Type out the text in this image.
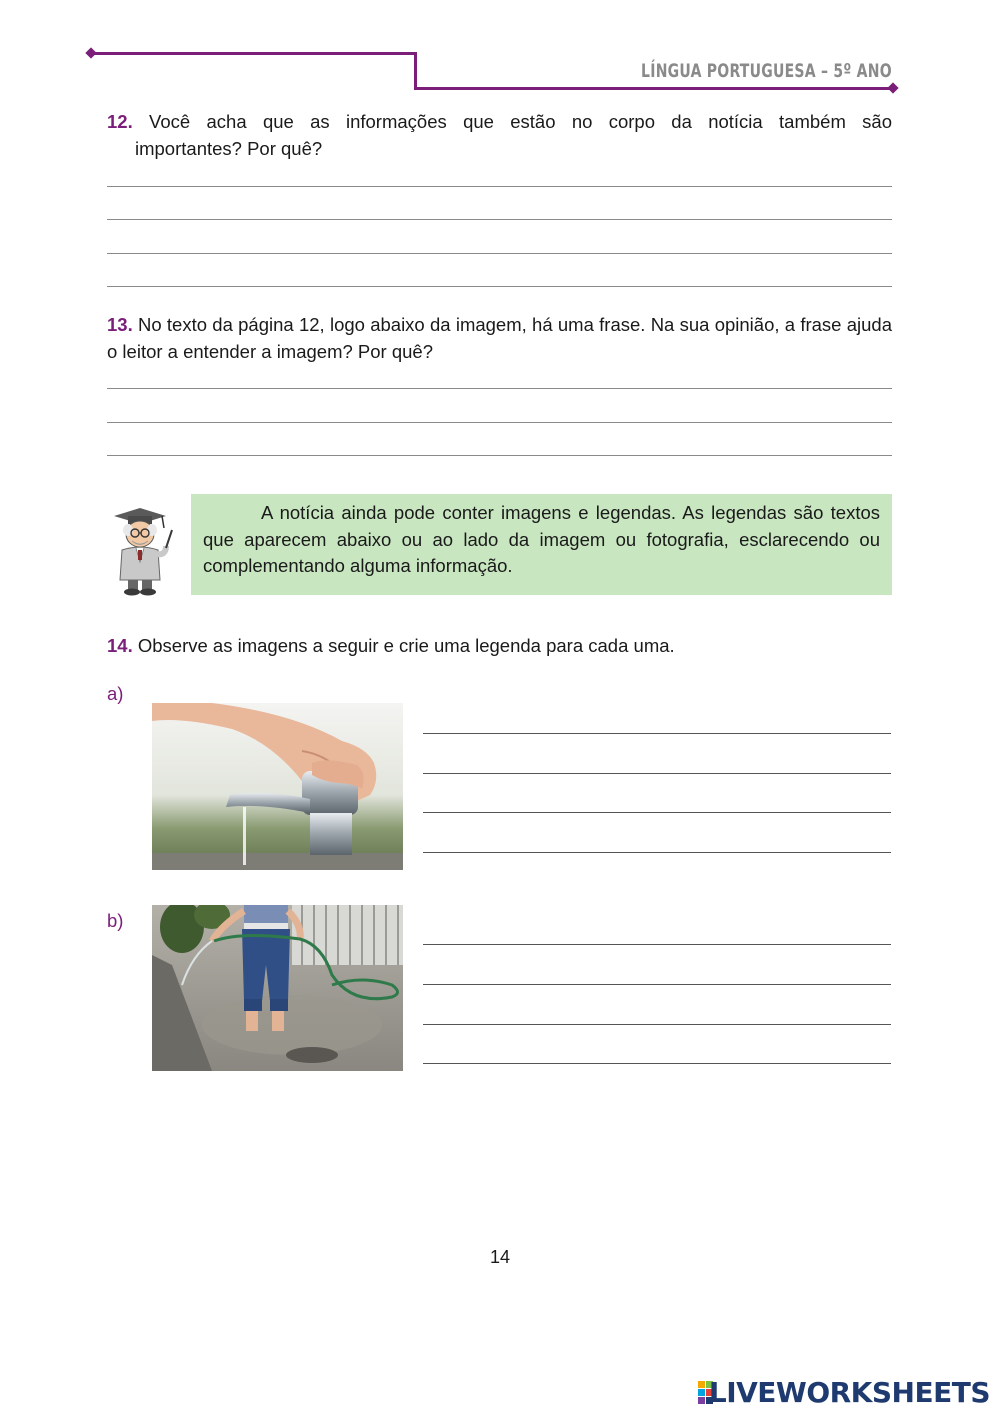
LÍNGUA PORTUGUESA – 5º ANO
12. Você acha que as informações que estão no corpo da notícia também são
importantes? Por quê?
13. No texto da página 12, logo abaixo da imagem, há uma frase. Na sua opinião, a frase ajuda o leitor a entender a imagem? Por quê?
A notícia ainda pode conter imagens e legendas. As legendas são textos que aparecem abaixo ou ao lado da imagem ou fotografia, esclarecendo ou complementando alguma informação.
14. Observe as imagens a seguir e crie uma legenda para cada uma.
a)
b)
14
LIVEWORKSHEETS
